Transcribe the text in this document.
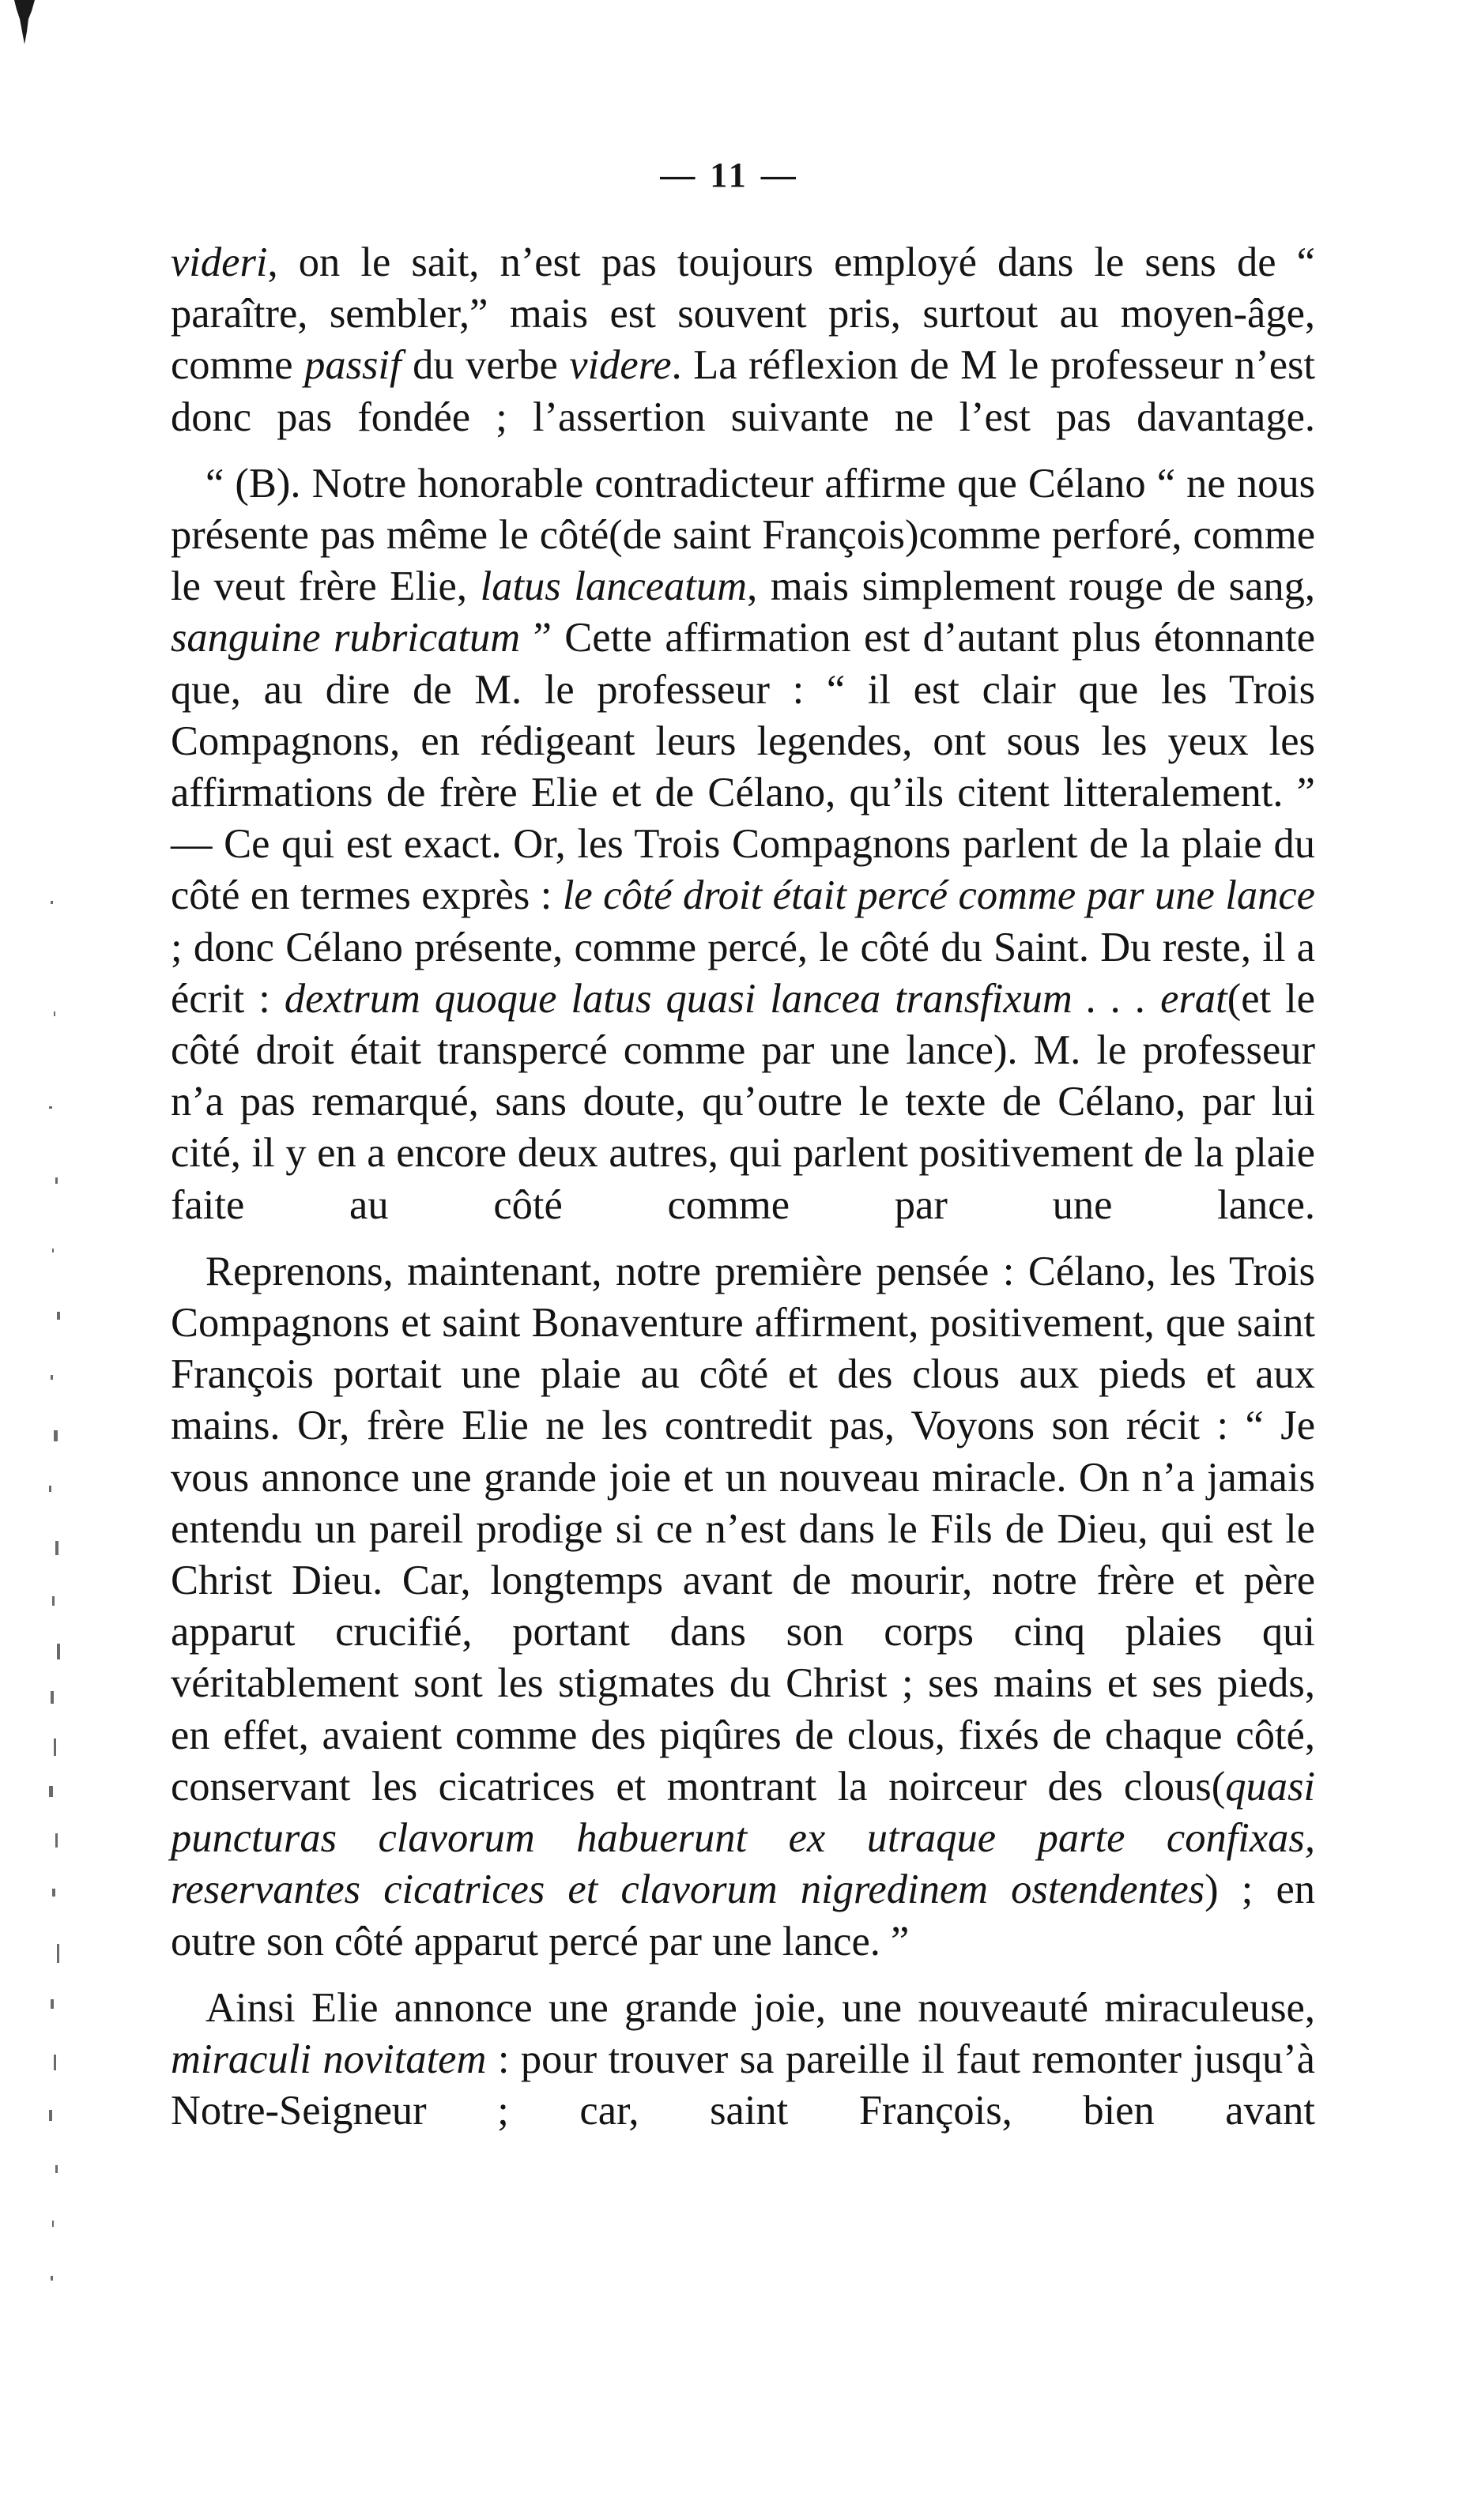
— 11 —

videri, on le sait, n’est pas toujours employé dans le sens de “ paraître, sembler,” mais est souvent pris, surtout au moyen-âge, comme passif du verbe videre. La réflexion de M le professeur n’est donc pas fondée ; l’assertion suivante ne l’est pas davantage.

“ (B). Notre honorable contradicteur affirme que Célano “ ne nous présente pas même le côté(de saint François)comme perforé, comme le veut frère Elie, latus lanceatum, mais simplement rouge de sang, sanguine rubricatum ” Cette affirmation est d’autant plus étonnante que, au dire de M. le professeur : “ il est clair que les Trois Compagnons, en rédigeant leurs legendes, ont sous les yeux les affirmations de frère Elie et de Célano, qu’ils citent litteralement. ” — Ce qui est exact. Or, les Trois Compagnons parlent de la plaie du côté en termes exprès : le côté droit était percé comme par une lance ; donc Célano présente, comme percé, le côté du Saint. Du reste, il a écrit : dextrum quoque latus quasi lancea transfixum . . . erat(et le côté droit était transpercé comme par une lance). M. le professeur n’a pas remarqué, sans doute, qu’outre le texte de Célano, par lui cité, il y en a encore deux autres, qui parlent positivement de la plaie faite au côté comme par une lance.

Reprenons, maintenant, notre première pensée : Célano, les Trois Compagnons et saint Bonaventure affirment, positivement, que saint François portait une plaie au côté et des clous aux pieds et aux mains. Or, frère Elie ne les contredit pas, Voyons son récit : “ Je vous annonce une grande joie et un nouveau miracle. On n’a jamais entendu un pareil prodige si ce n’est dans le Fils de Dieu, qui est le Christ Dieu. Car, longtemps avant de mourir, notre frère et père apparut crucifié, portant dans son corps cinq plaies qui véritablement sont les stigmates du Christ ; ses mains et ses pieds, en effet, avaient comme des piqûres de clous, fixés de chaque côté, conservant les cicatrices et montrant la noirceur des clous(quasi puncturas clavorum habuerunt ex utraque parte confixas, reservantes cicatrices et clavorum nigredinem ostendentes) ; en outre son côté apparut percé par une lance. ”

Ainsi Elie annonce une grande joie, une nouveauté miraculeuse, miraculi novitatem : pour trouver sa pareille il faut remonter jusqu’à Notre-Seigneur ; car, saint François, bien avant
